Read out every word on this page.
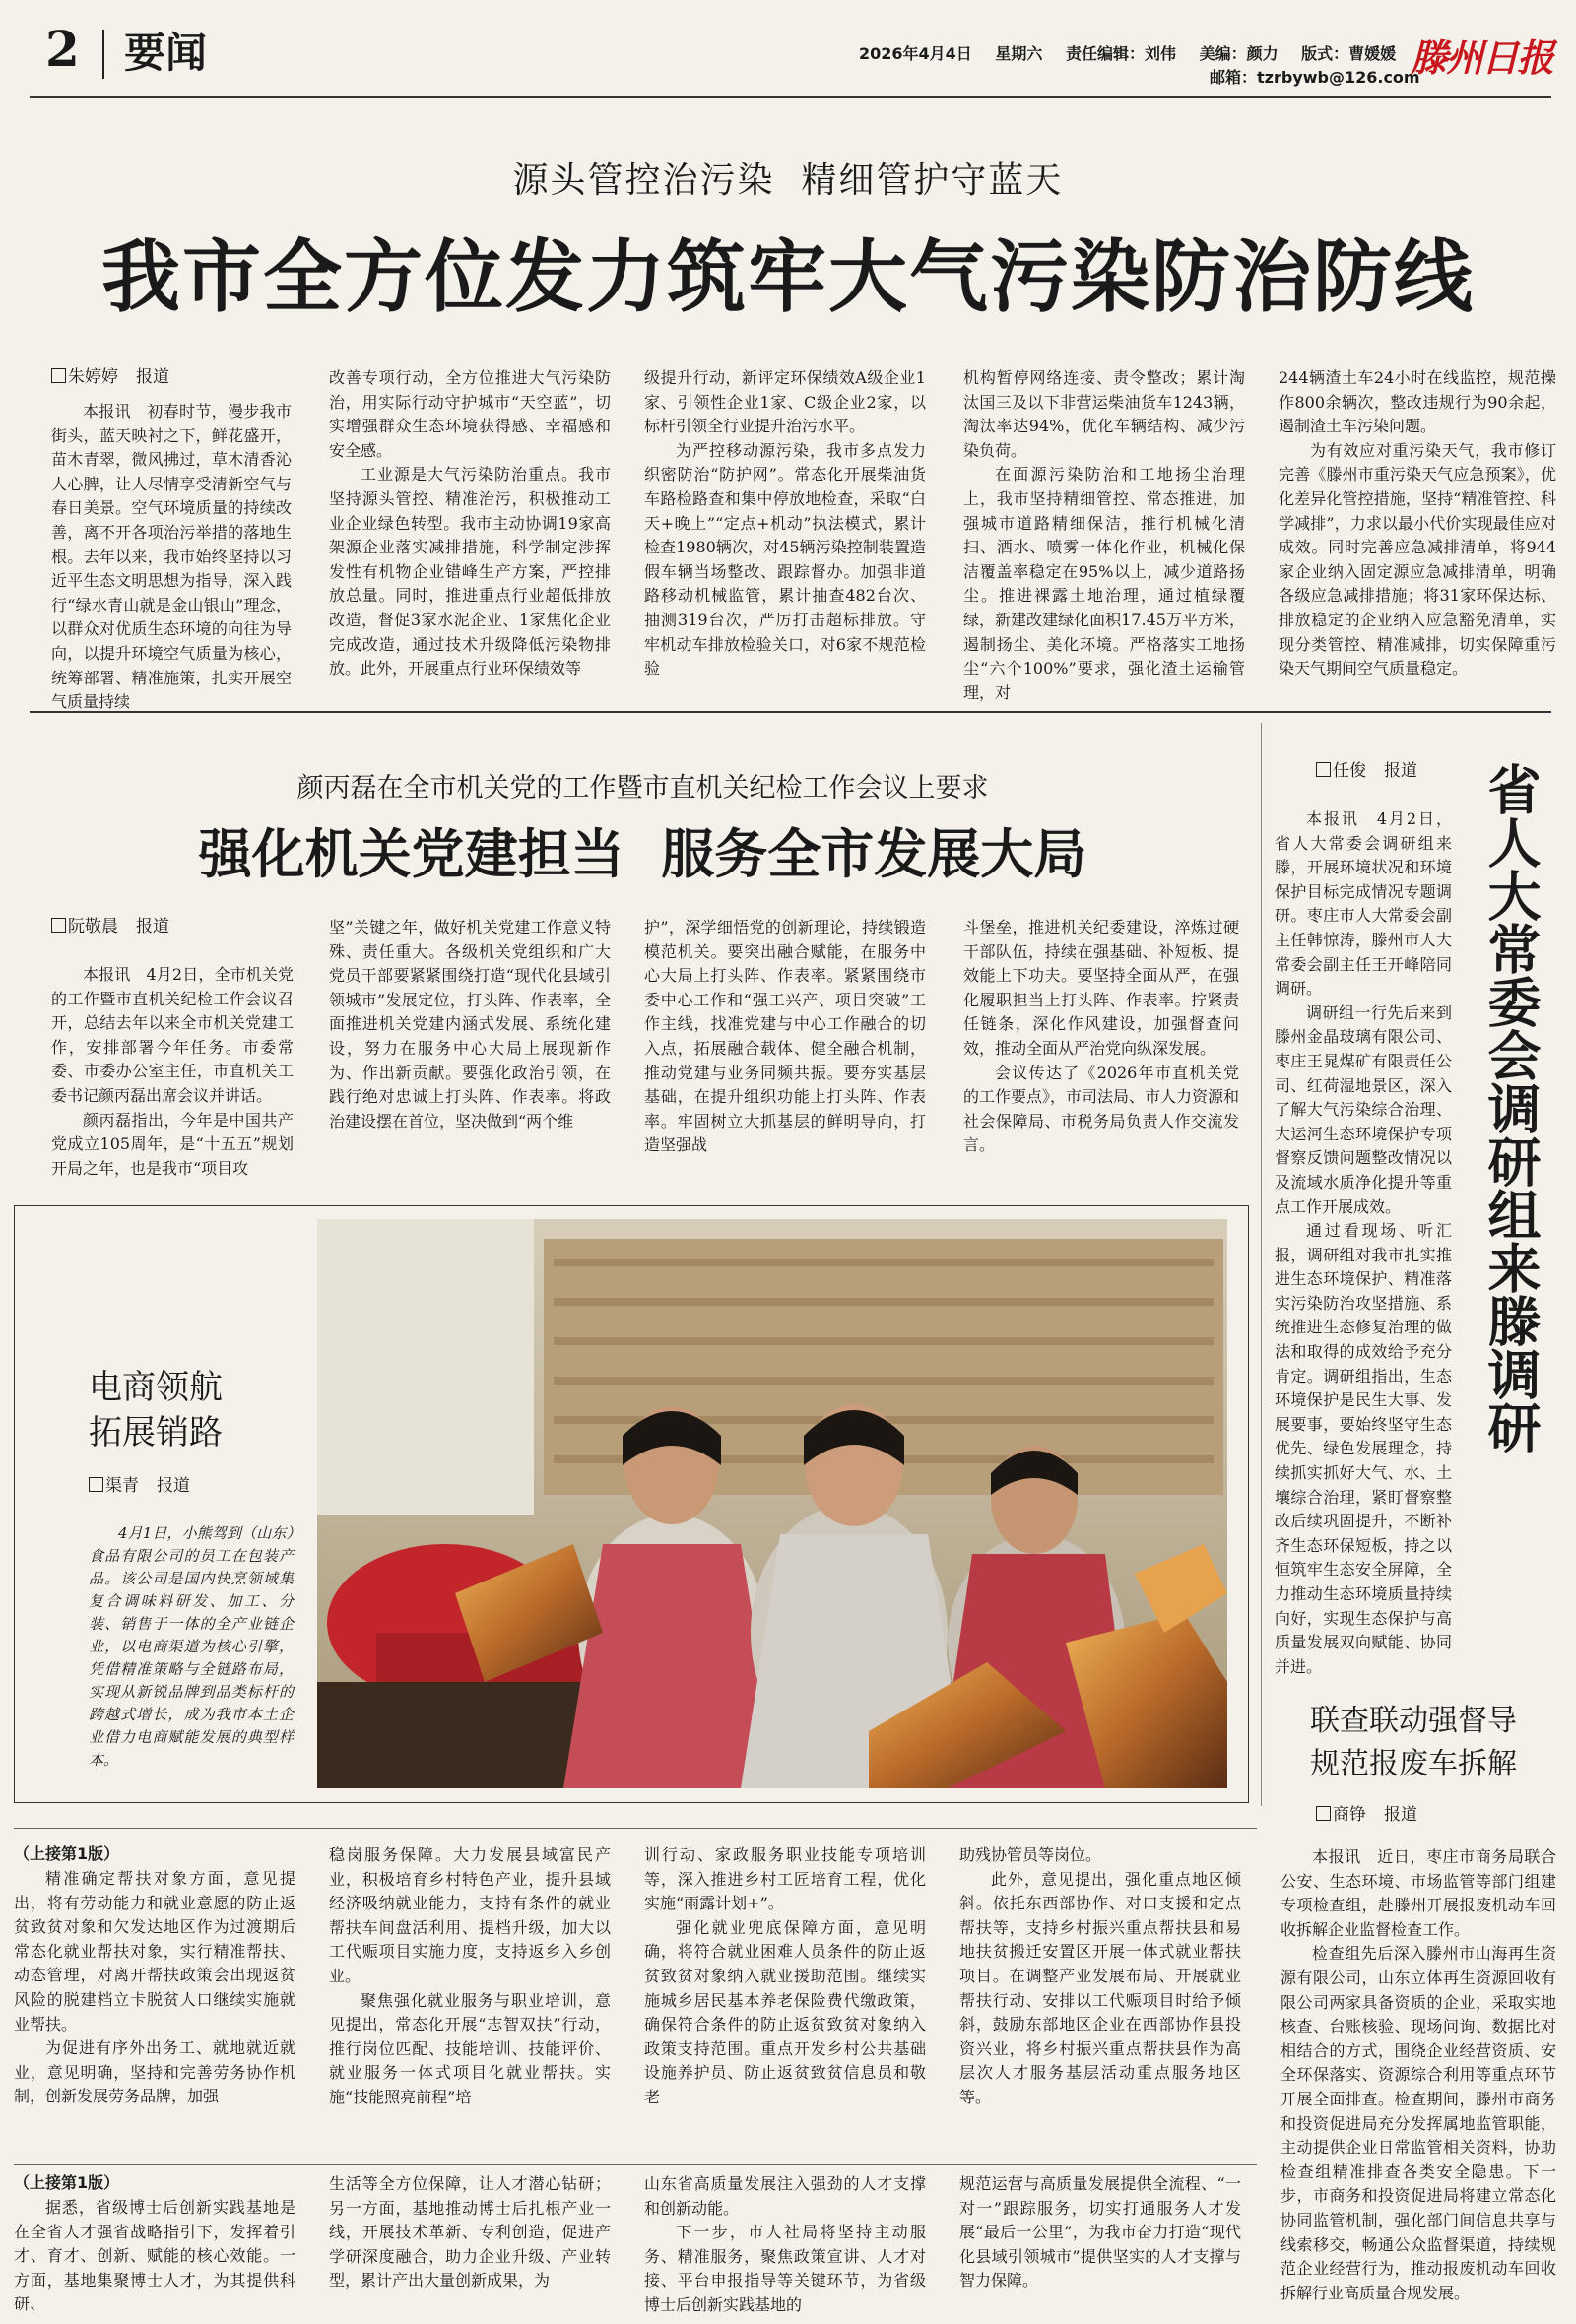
2 要闻	2026年4月4日 星期六 责任编辑：刘伟 美编：颜力 版式：曹媛媛
邮箱：tzrbywb@126.com
滕州日报
源头管控治污染  精细管护守蓝天
我市全方位发力筑牢大气污染防治防线
朱婷婷 报道

本报讯　初春时节，漫步我市街头，蓝天映衬之下，鲜花盛开，苗木青翠，微风拂过，草木清香沁人心脾，让人尽情享受清新空气与春日美景。空气环境质量的持续改善，离不开各项治污举措的落地生根。去年以来，我市始终坚持以习近平生态文明思想为指导，深入践行“绿水青山就是金山银山”理念，以群众对优质生态环境的向往为导向，以提升环境空气质量为核心，统筹部署、精准施策，扎实开展空气质量持续

改善专项行动，全方位推进大气污染防治，用实际行动守护城市“天空蓝”，切实增强群众生态环境获得感、幸福感和安全感。

工业源是大气污染防治重点。我市坚持源头管控、精准治污，积极推动工业企业绿色转型。我市主动协调19家高架源企业落实减排措施，科学制定涉挥发性有机物企业错峰生产方案，严控排放总量。同时，推进重点行业超低排放改造，督促3家水泥企业、1家焦化企业完成改造，通过技术升级降低污染物排放。此外，开展重点行业环保绩效等

级提升行动，新评定环保绩效A级企业1家、引领性企业1家、C级企业2家，以标杆引领全行业提升治污水平。

为严控移动源污染，我市多点发力织密防治“防护网”。常态化开展柴油货车路检路查和集中停放地检查，采取“白天+晚上”“定点+机动”执法模式，累计检查1980辆次，对45辆污染控制装置造假车辆当场整改、跟踪督办。加强非道路移动机械监管，累计抽查482台次、抽测319台次，严厉打击超标排放。守牢机动车排放检验关口，对6家不规范检验

机构暂停网络连接、责令整改；累计淘汰国三及以下非营运柴油货车1243辆，淘汰率达94%，优化车辆结构、减少污染负荷。

在面源污染防治和工地扬尘治理上，我市坚持精细管控、常态推进，加强城市道路精细保洁，推行机械化清扫、洒水、喷雾一体化作业，机械化保洁覆盖率稳定在95%以上，减少道路扬尘。推进裸露土地治理，通过植绿覆绿，新建改建绿化面积17.45万平方米，遏制扬尘、美化环境。严格落实工地扬尘“六个100%”要求，强化渣土运输管理，对

244辆渣土车24小时在线监控，规范操作800余辆次，整改违规行为90余起，遏制渣土车污染问题。

为有效应对重污染天气，我市修订完善《滕州市重污染天气应急预案》，优化差异化管控措施，坚持“精准管控、科学减排”，力求以最小代价实现最佳应对成效。同时完善应急减排清单，将944家企业纳入固定源应急减排清单，明确各级应急减排措施；将31家环保达标、排放稳定的企业纳入应急豁免清单，实现分类管控、精准减排，切实保障重污染天气期间空气质量稳定。

颜丙磊在全市机关党的工作暨市直机关纪检工作会议上要求
强化机关党建担当  服务全市发展大局
阮敬晨 报道

本报讯　4月2日，全市机关党的工作暨市直机关纪检工作会议召开，总结去年以来全市机关党建工作，安排部署今年任务。市委常委、市委办公室主任，市直机关工委书记颜丙磊出席会议并讲话。

颜丙磊指出，今年是中国共产党成立105周年，是“十五五”规划开局之年，也是我市“项目攻

坚”关键之年，做好机关党建工作意义特殊、责任重大。各级机关党组织和广大党员干部要紧紧围绕打造“现代化县域引领城市”发展定位，打头阵、作表率，全面推进机关党建内涵式发展、系统化建设，努力在服务中心大局上展现新作为、作出新贡献。要强化政治引领，在践行绝对忠诚上打头阵、作表率。将政治建设摆在首位，坚决做到“两个维

护”，深学细悟党的创新理论，持续锻造模范机关。要突出融合赋能，在服务中心大局上打头阵、作表率。紧紧围绕市委中心工作和“强工兴产、项目突破”工作主线，找准党建与中心工作融合的切入点，拓展融合载体、健全融合机制，推动党建与业务同频共振。要夯实基层基础，在提升组织功能上打头阵、作表率。牢固树立大抓基层的鲜明导向，打造坚强战

斗堡垒，推进机关纪委建设，淬炼过硬干部队伍，持续在强基础、补短板、提效能上下功夫。要坚持全面从严，在强化履职担当上打头阵、作表率。拧紧责任链条，深化作风建设，加强督查问效，推动全面从严治党向纵深发展。

会议传达了《2026年市直机关党的工作要点》，市司法局、市人力资源和社会保障局、市税务局负责人作交流发言。

电商领航
拓展销路
渠青 报道

4月1日，小熊驾到（山东）食品有限公司的员工在包装产品。该公司是国内快烹领域集复合调味料研发、加工、分装、销售于一体的全产业链企业，以电商渠道为核心引擎，凭借精准策略与全链路布局，实现从新锐品牌到品类标杆的跨越式增长，成为我市本土企业借力电商赋能发展的典型样本。

任俊 报道 省人大常委会调研组来滕调研

本报讯　4月2日，省人大常委会调研组来滕，开展环境状况和环境保护目标完成情况专题调研。枣庄市人大常委会副主任韩惊涛，滕州市人大常委会副主任王开峰陪同调研。

调研组一行先后来到滕州金晶玻璃有限公司、枣庄王晁煤矿有限责任公司、红荷湿地景区，深入了解大气污染综合治理、大运河生态环境保护专项督察反馈问题整改情况以及流域水质净化提升等重点工作开展成效。

通过看现场、听汇报，调研组对我市扎实推进生态环境保护、精准落实污染防治攻坚措施、系统推进生态修复治理的做法和取得的成效给予充分肯定。调研组指出，生态环境保护是民生大事、发展要事，要始终坚守生态优先、绿色发展理念，持续抓实抓好大气、水、土壤综合治理，紧盯督察整改后续巩固提升，不断补齐生态环保短板，持之以恒筑牢生态安全屏障，全力推动生态环境质量持续向好，实现生态保护与高质量发展双向赋能、协同并进。

联查联动强督导
规范报废车拆解
商铮 报道

本报讯　近日，枣庄市商务局联合公安、生态环境、市场监管等部门组建专项检查组，赴滕州开展报废机动车回收拆解企业监督检查工作。

检查组先后深入滕州市山海再生资源有限公司，山东立体再生资源回收有限公司两家具备资质的企业，采取实地核查、台账核验、现场问询、数据比对相结合的方式，围绕企业经营资质、安全环保落实、资源综合利用等重点环节开展全面排查。检查期间，滕州市商务和投资促进局充分发挥属地监管职能，主动提供企业日常监管相关资料，协助检查组精准排查各类安全隐患。下一步，市商务和投资促进局将建立常态化协同监管机制，强化部门间信息共享与线索移交，畅通公众监督渠道，持续规范企业经营行为，推动报废机动车回收拆解行业高质量合规发展。

（上接第1版）

精准确定帮扶对象方面，意见提出，将有劳动能力和就业意愿的防止返贫致贫对象和欠发达地区作为过渡期后常态化就业帮扶对象，实行精准帮扶、动态管理，对离开帮扶政策会出现返贫风险的脱建档立卡脱贫人口继续实施就业帮扶。

为促进有序外出务工、就地就近就业，意见明确，坚持和完善劳务协作机制，创新发展劳务品牌，加强

稳岗服务保障。大力发展县域富民产业，积极培育乡村特色产业，提升县域经济吸纳就业能力，支持有条件的就业帮扶车间盘活利用、提档升级，加大以工代赈项目实施力度，支持返乡入乡创业。

聚焦强化就业服务与职业培训，意见提出，常态化开展“志智双扶”行动，推行岗位匹配、技能培训、技能评价、就业服务一体式项目化就业帮扶。实施“技能照亮前程”培

训行动、家政服务职业技能专项培训等，深入推进乡村工匠培育工程，优化实施“雨露计划+”。

强化就业兜底保障方面，意见明确，将符合就业困难人员条件的防止返贫致贫对象纳入就业援助范围。继续实施城乡居民基本养老保险费代缴政策，确保符合条件的防止返贫致贫对象纳入政策支持范围。重点开发乡村公共基础设施养护员、防止返贫致贫信息员和敬老

助残协管员等岗位。

此外，意见提出，强化重点地区倾斜。依托东西部协作、对口支援和定点帮扶等，支持乡村振兴重点帮扶县和易地扶贫搬迁安置区开展一体式就业帮扶项目。在调整产业发展布局、开展就业帮扶行动、安排以工代赈项目时给予倾斜，鼓励东部地区企业在西部协作县投资兴业，将乡村振兴重点帮扶县作为高层次人才服务基层活动重点服务地区等。

（上接第1版）

据悉，省级博士后创新实践基地是在全省人才强省战略指引下，发挥着引才、育才、创新、赋能的核心效能。一方面，基地集聚博士人才，为其提供科研、

生活等全方位保障，让人才潜心钻研；另一方面，基地推动博士后扎根产业一线，开展技术革新、专利创造，促进产学研深度融合，助力企业升级、产业转型，累计产出大量创新成果，为

山东省高质量发展注入强劲的人才支撑和创新动能。

下一步，市人社局将坚持主动服务、精准服务，聚焦政策宣讲、人才对接、平台申报指导等关键环节，为省级博士后创新实践基地的

规范运营与高质量发展提供全流程、“一对一”跟踪服务，切实打通服务人才发展“最后一公里”，为我市奋力打造“现代化县域引领城市”提供坚实的人才支撑与智力保障。
